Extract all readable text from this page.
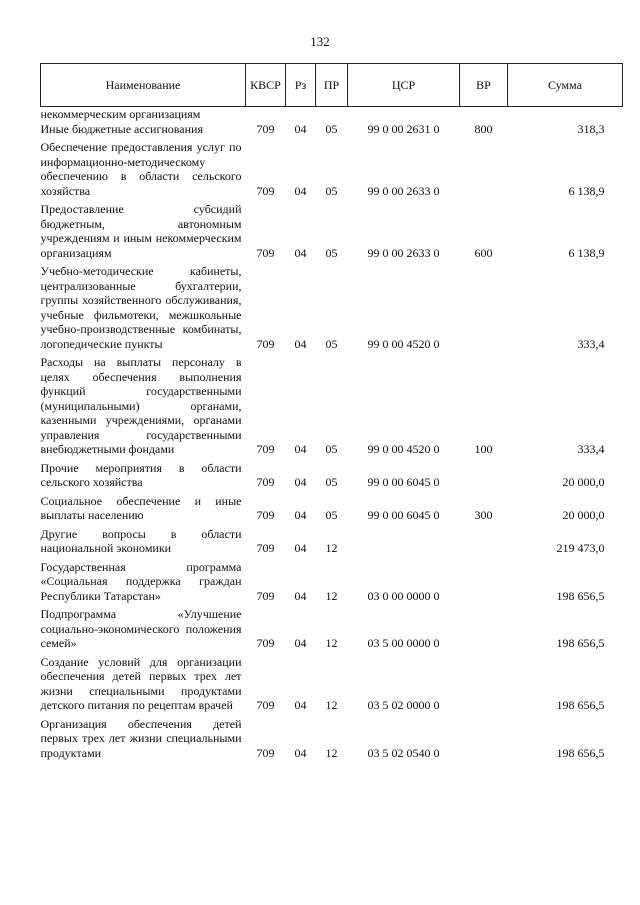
132
Наименование	КВСР	Рз	ПР	ЦСР	ВР	Сумма
некоммерческим организациям						
Иные бюджетные ассигнования	709	04	05	99 0 00 2631 0	800	318,3
Обеспечение предоставления услуг по информационно-методическому обеспечению в области сельского хозяйства	709	04	05	99 0 00 2633 0		6 138,9
Предоставление субсидий бюджетным, автономным учреждениям и иным некоммерческим организациям	709	04	05	99 0 00 2633 0	600	6 138,9
Учебно-методические кабинеты, централизованные бухгалтерии, группы хозяйственного обслуживания, учебные фильмотеки, межшкольные учебно-производственные комбинаты, логопедические пункты	709	04	05	99 0 00 4520 0		333,4
Расходы на выплаты персоналу в целях обеспечения выполнения функций государственными (муниципальными) органами, казенными учреждениями, органами управления государственными внебюджетными фондами	709	04	05	99 0 00 4520 0	100	333,4
Прочие мероприятия в области сельского хозяйства	709	04	05	99 0 00 6045 0		20 000,0
Социальное обеспечение и иные выплаты населению	709	04	05	99 0 00 6045 0	300	20 000,0
Другие вопросы в области национальной экономики	709	04	12			219 473,0
Государственная программа «Социальная поддержка граждан Республики Татарстан»	709	04	12	03 0 00 0000 0		198 656,5
Подпрограмма «Улучшение социально-экономического положения семей»	709	04	12	03 5 00 0000 0		198 656,5
Создание условий для организации обеспечения детей первых трех лет жизни специальными продуктами детского питания по рецептам врачей	709	04	12	03 5 02 0000 0		198 656,5
Организация обеспечения детей первых трех лет жизни специальными продуктами	709	04	12	03 5 02 0540 0		198 656,5
